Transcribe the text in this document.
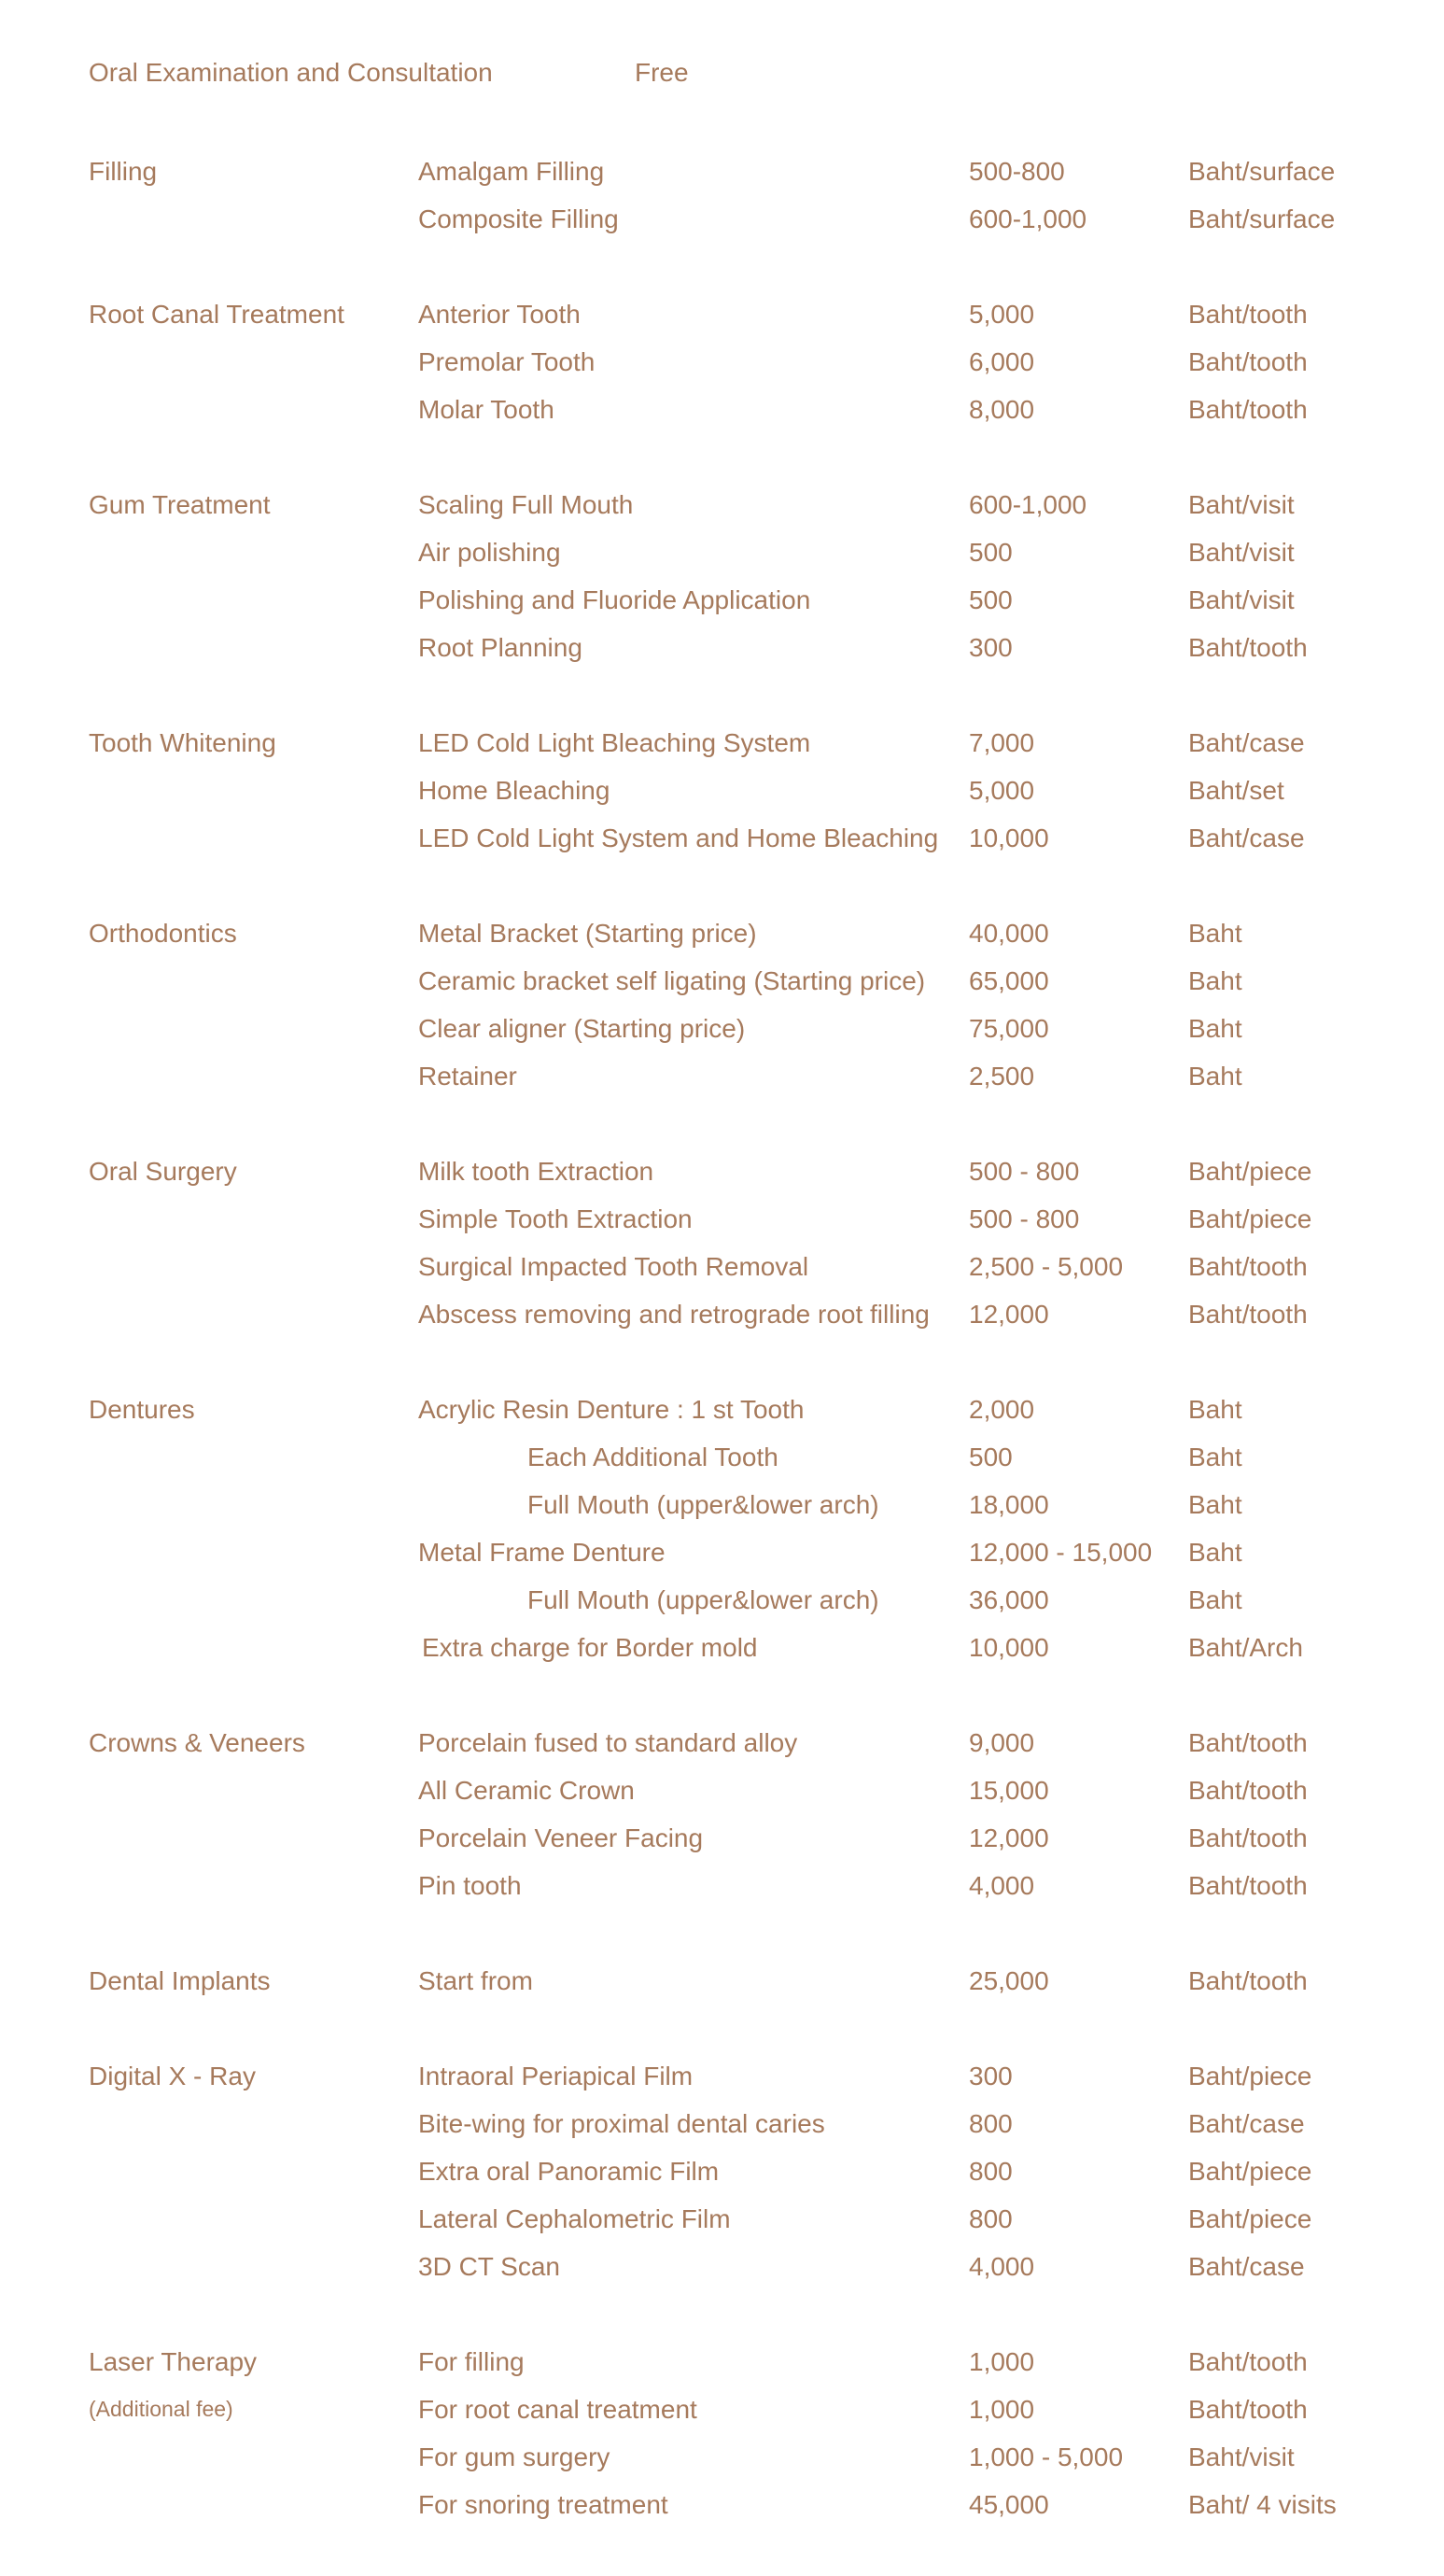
Oral Examination and Consultation	Free
Filling	Amalgam Filling	500-800	Baht/surface
Composite Filling	600-1,000	Baht/surface
Root Canal Treatment	Anterior Tooth	5,000	Baht/tooth
Premolar Tooth	6,000	Baht/tooth
Molar Tooth	8,000	Baht/tooth
Gum Treatment	Scaling Full Mouth	600-1,000	Baht/visit
Air polishing	500	Baht/visit
Polishing and Fluoride Application	500	Baht/visit
Root Planning	300	Baht/tooth
Tooth Whitening	LED Cold Light Bleaching System	7,000	Baht/case
Home Bleaching	5,000	Baht/set
LED Cold Light System and Home Bleaching 10,000	Baht/case
Orthodontics	Metal Bracket (Starting price)	40,000	Baht
Ceramic bracket self ligating (Starting price) 65,000	Baht
Clear aligner (Starting price)	75,000	Baht
Retainer	2,500	Baht
Oral Surgery	Milk tooth Extraction	500 - 800	Baht/piece
Simple Tooth Extraction	500 - 800	Baht/piece
Surgical Impacted Tooth Removal	2,500 - 5,000 Baht/tooth
Abscess removing and retrograde root filling 12,000	Baht/tooth
Dentures	Acrylic Resin Denture : 1 st Tooth	2,000	Baht
Each Additional Tooth	500	Baht
Full Mouth (upper&lower arch)	18,000	Baht
Metal Frame Denture	12,000 - 15,000 Baht
Full Mouth (upper&lower arch)	36,000	Baht
Extra charge for Border mold	10,000	Baht/Arch
Crowns & Veneers	Porcelain fused to standard alloy	9,000	Baht/tooth
All Ceramic Crown	15,000	Baht/tooth
Porcelain Veneer Facing	12,000	Baht/tooth
Pin tooth	4,000	Baht/tooth
Dental Implants	Start from	25,000	Baht/tooth
Digital X - Ray	Intraoral Periapical Film	300	Baht/piece
Bite-wing for proximal dental caries	800	Baht/case
Extra oral Panoramic Film	800	Baht/piece
Lateral Cephalometric Film	800	Baht/piece
3D CT Scan	4,000	Baht/case
Laser Therapy
(Additional fee)
For filling	1,000	Baht/tooth
For root canal treatment	1,000	Baht/tooth
For gum surgery	1,000 - 5,000 Baht/visit
For snoring treatment	45,000	Baht/ 4 visits
